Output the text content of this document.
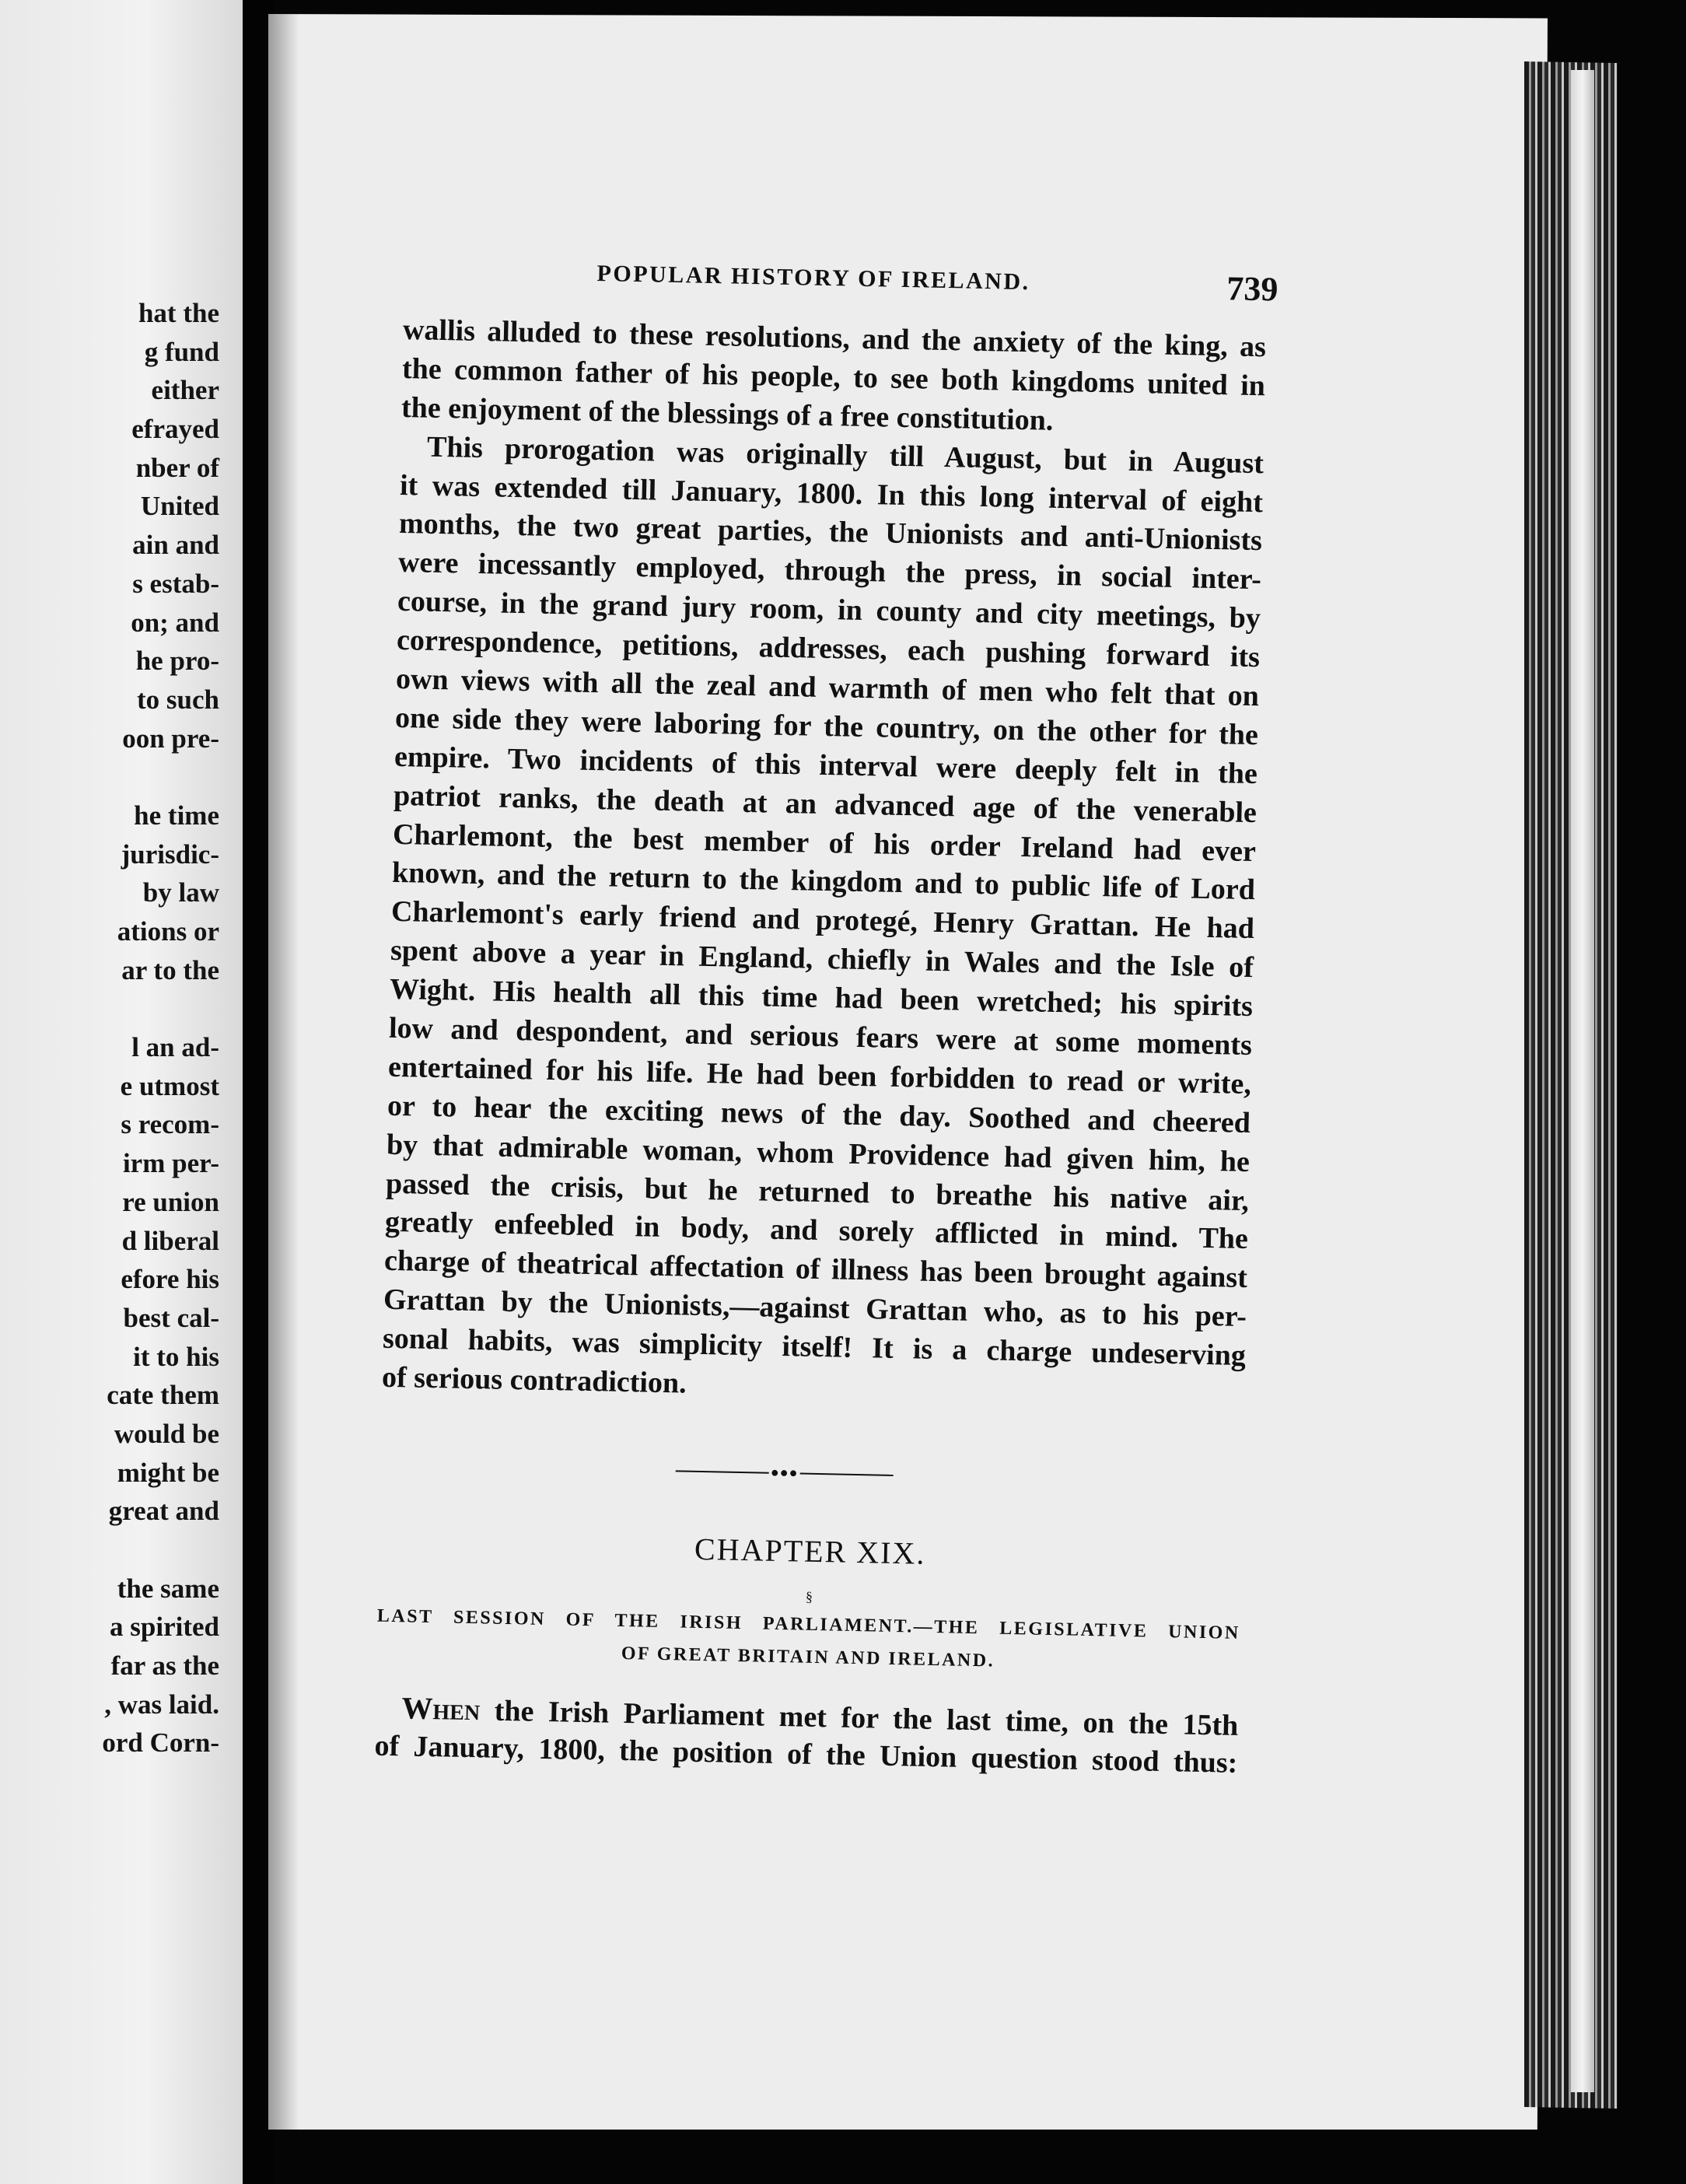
hat the
g fund
either
efrayed
nber of
United
ain and
s estab-
on; and
he pro-
to such
oon pre-
he time
jurisdic-
by law
ations or
ar to the
l an ad-
e utmost
s recom-
irm per-
re union
d liberal
efore his
best cal-
it to his
cate them
would be
might be
great and
the same
a spirited
far as the
, was laid.
ord Corn-
POPULAR HISTORY OF IRELAND.	739
wallis alluded to these resolutions, and the anxiety of the king, as
the common father of his people, to see both kingdoms united in
the enjoyment of the blessings of a free constitution.
This prorogation was originally till August, but in August
it was extended till January, 1800. In this long interval of eight
months, the two great parties, the Unionists and anti-Unionists
were incessantly employed, through the press, in social inter-
course, in the grand jury room, in county and city meetings, by
correspondence, petitions, addresses, each pushing forward its
own views with all the zeal and warmth of men who felt that on
one side they were laboring for the country, on the other for the
empire. Two incidents of this interval were deeply felt in the
patriot ranks, the death at an advanced age of the venerable
Charlemont, the best member of his order Ireland had ever
known, and the return to the kingdom and to public life of Lord
Charlemont's early friend and protegé, Henry Grattan. He had
spent above a year in England, chiefly in Wales and the Isle of
Wight. His health all this time had been wretched; his spirits
low and despondent, and serious fears were at some moments
entertained for his life. He had been forbidden to read or write,
or to hear the exciting news of the day. Soothed and cheered
by that admirable woman, whom Providence had given him, he
passed the crisis, but he returned to breathe his native air,
greatly enfeebled in body, and sorely afflicted in mind. The
charge of theatrical affectation of illness has been brought against
Grattan by the Unionists,—against Grattan who, as to his per-
sonal habits, was simplicity itself! It is a charge undeserving
of serious contradiction.
●●●
CHAPTER XIX.
§
LAST SESSION OF THE IRISH PARLIAMENT.—THE LEGISLATIVE UNION
OF GREAT BRITAIN AND IRELAND.
When the Irish Parliament met for the last time, on the 15th
of January, 1800, the position of the Union question stood thus:
